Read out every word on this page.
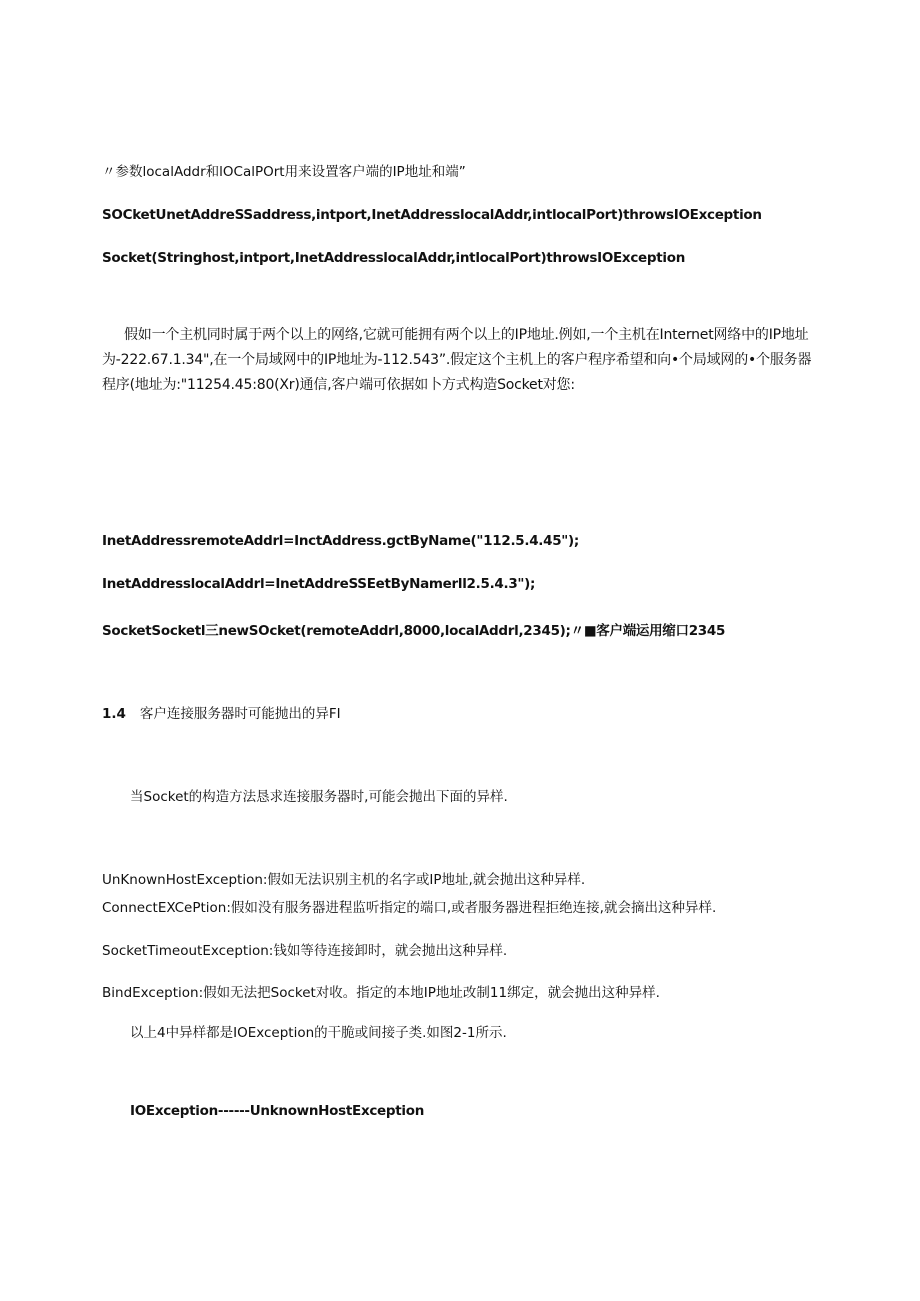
〃参数localAddr和lOCalPOrt用来设置客户端的IP地址和端”

SOCketUnetAddreSSaddress,intport,InetAddresslocalAddr,intlocalPort)throwsIOException

Socket(Stringhost,intport,InetAddresslocalAddr,intlocalPort)throwsIOException

假如一个主机同时属于两个以上的网络,它就可能拥有两个以上的IP地址.例如,一个主机在Internet网络中的IP地址为-222.67.1.34",在一个局域网中的IP地址为-112.543”.假定这个主机上的客户程序希望和向•个局域网的•个服务器程序(地址为:"11254.45:80(Xr)通信,客户端可依据如卜方式构造Socket对您:

InetAddressremoteAddrl=InctAddress.gctByName("112.5.4.45");

InetAddresslocalAddrl=InetAddreSSEetByNamerll2.5.4.3");

SocketSocketl三newSOcket(remoteAddrl,8000,localAddrl,2345);〃■客户端运用缩口2345

1.4 客户连接服务器时可能抛出的异FI

当Socket的构造方法恳求连接服务器时,可能会抛出下面的异样.

UnKnownHostException:假如无法识别主机的名字或IP地址,就会抛出这种异样.

ConnectEXCePtion:假如没有服务器进程监听指定的端口,或者服务器进程拒绝连接,就会摘出这种异样.

SocketTimeoutException:钱如等待连接卸时，就会抛出这种异样.

BindException:假如无法把Socket对收。指定的本地IP地址改制11绑定，就会抛出这种异样.

以上4中异样都是IOException的干脆或间接子类.如图2-1所示.

IOException------UnknownHostException
